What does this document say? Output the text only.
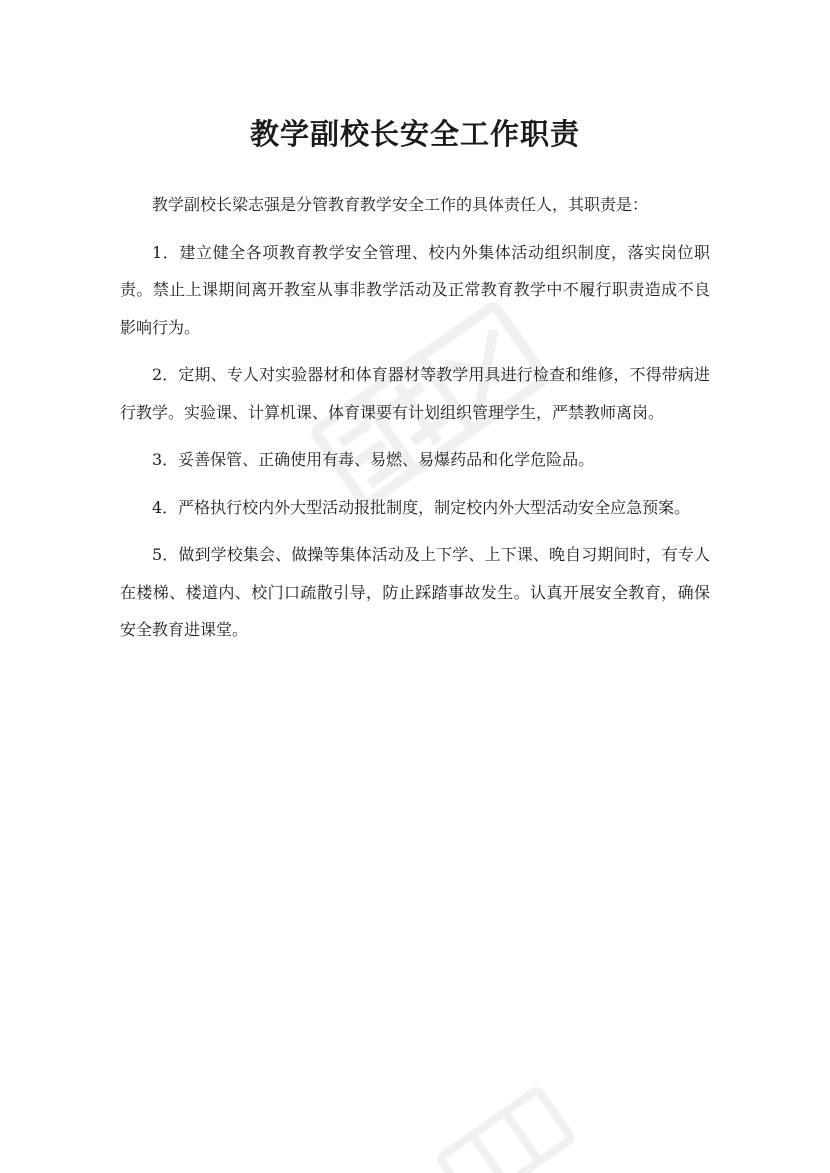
教学副校长安全工作职责

教学副校长梁志强是分管教育教学安全工作的具体责任人，其职责是：

1．建立健全各项教育教学安全管理、校内外集体活动组织制度，落实岗位职责。禁止上课期间离开教室从事非教学活动及正常教育教学中不履行职责造成不良影响行为。

2．定期、专人对实验器材和体育器材等教学用具进行检查和维修，不得带病进行教学。实验课、计算机课、体育课要有计划组织管理学生，严禁教师离岗。

3．妥善保管、正确使用有毒、易燃、易爆药品和化学危险品。

4．严格执行校内外大型活动报批制度，制定校内外大型活动安全应急预案。

5．做到学校集会、做操等集体活动及上下学、上下课、晚自习期间时，有专人在楼梯、楼道内、校门口疏散引导，防止踩踏事故发生。认真开展安全教育，确保安全教育进课堂。
